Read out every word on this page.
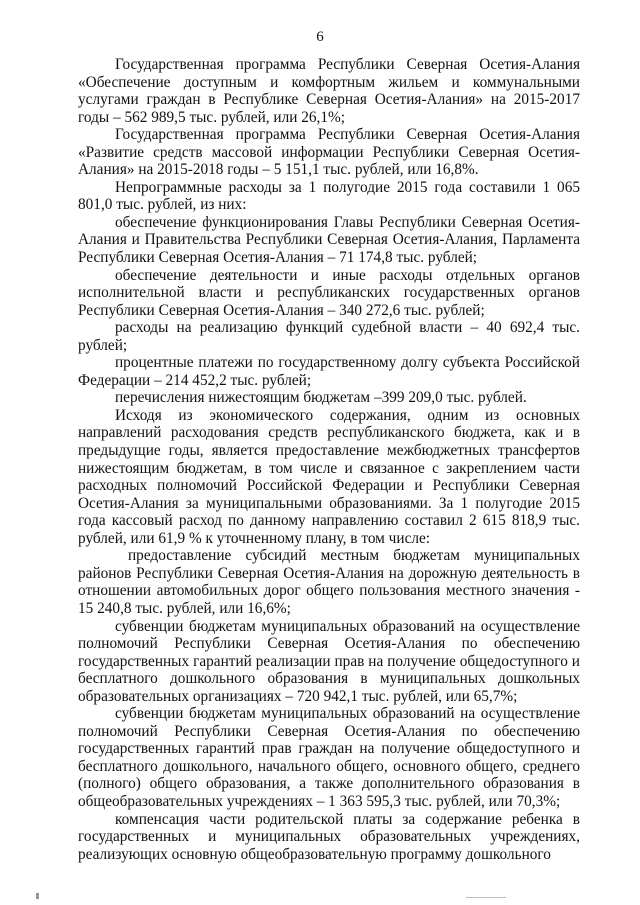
6

Государственная программа Республики Северная Осетия-Алания «Обеспечение доступным и комфортным жильем и коммунальными услугами граждан в Республике Северная Осетия-Алания» на 2015-2017 годы – 562 989,5 тыс. рублей, или 26,1%;

Государственная программа Республики Северная Осетия-Алания «Развитие средств массовой информации Республики Северная Осетия-Алания» на 2015-2018 годы – 5 151,1 тыс. рублей, или 16,8%.

Непрограммные расходы за 1 полугодие 2015 года составили 1 065 801,0 тыс. рублей, из них:

обеспечение функционирования Главы Республики Северная Осетия-Алания и Правительства Республики Северная Осетия-Алания, Парламента Республики Северная Осетия-Алания – 71 174,8 тыс. рублей;

обеспечение деятельности и иные расходы отдельных органов исполнительной власти и республиканских государственных органов Республики Северная Осетия-Алания – 340 272,6 тыс. рублей;

расходы на реализацию функций судебной власти – 40 692,4 тыс. рублей;

процентные платежи по государственному долгу субъекта Российской Федерации – 214 452,2 тыс. рублей;

перечисления нижестоящим бюджетам –399 209,0 тыс. рублей.

Исходя из экономического содержания, одним из основных направлений расходования средств республиканского бюджета, как и в предыдущие годы, является предоставление межбюджетных трансфертов нижестоящим бюджетам, в том числе и связанное с закреплением части расходных полномочий Российской Федерации и Республики Северная Осетия-Алания за муниципальными образованиями. За 1 полугодие 2015 года кассовый расход по данному направлению составил 2 615 818,9 тыс. рублей, или 61,9 % к уточненному плану, в том числе:

предоставление субсидий местным бюджетам муниципальных районов Республики Северная Осетия-Алания на дорожную деятельность в отношении автомобильных дорог общего пользования местного значения - 15 240,8 тыс. рублей, или 16,6%;

субвенции бюджетам муниципальных образований на осуществление полномочий Республики Северная Осетия-Алания по обеспечению государственных гарантий реализации прав на получение общедоступного и бесплатного дошкольного образования в муниципальных дошкольных образовательных организациях – 720 942,1 тыс. рублей, или 65,7%;

субвенции бюджетам муниципальных образований на осуществление полномочий Республики Северная Осетия-Алания по обеспечению государственных гарантий прав граждан на получение общедоступного и бесплатного дошкольного, начального общего, основного общего, среднего (полного) общего образования, а также дополнительного образования в общеобразовательных учреждениях – 1 363 595,3 тыс. рублей, или 70,3%;

компенсация части родительской платы за содержание ребенка в государственных и муниципальных образовательных учреждениях, реализующих основную общеобразовательную программу дошкольного
